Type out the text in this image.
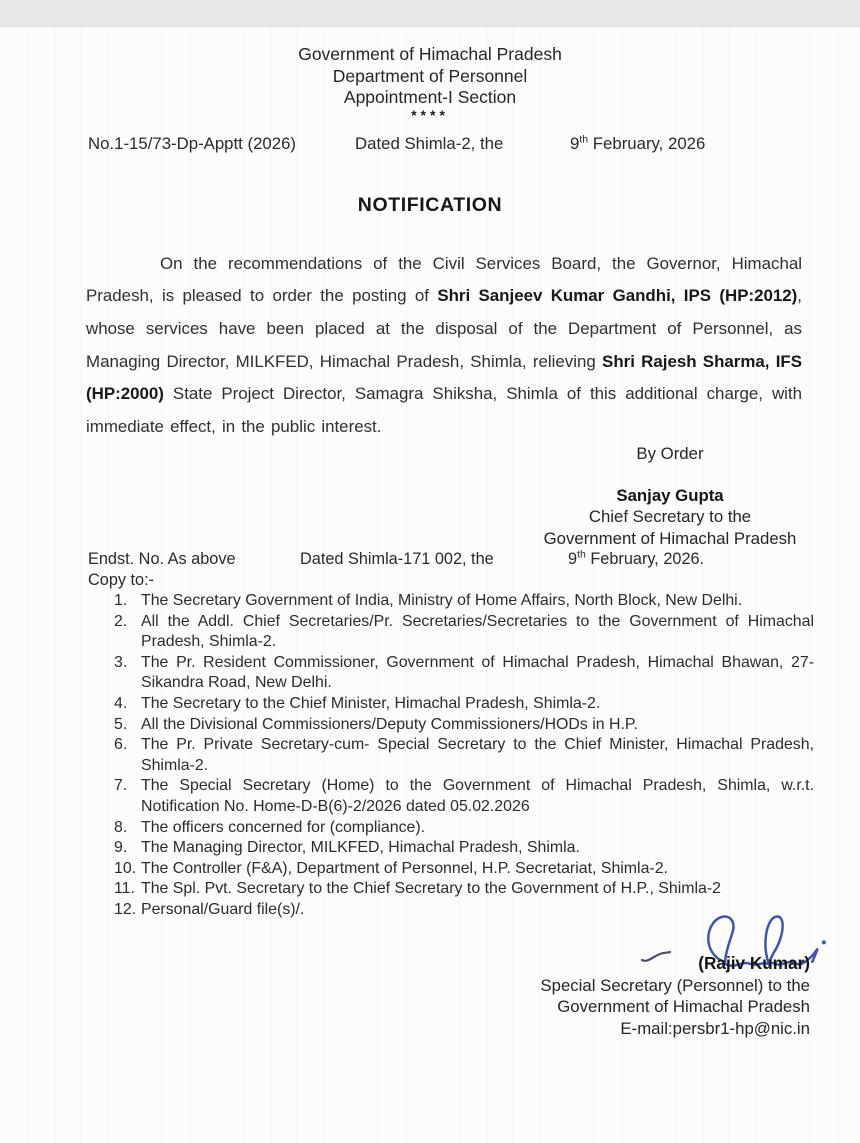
Government of Himachal Pradesh
Department of Personnel
Appointment-I Section
****
No.1-15/73-Dp-Apptt (2026)	Dated Shimla-2, the	9th February, 2026
NOTIFICATION

On the recommendations of the Civil Services Board, the Governor, Himachal Pradesh, is pleased to order the posting of Shri Sanjeev Kumar Gandhi, IPS (HP:2012), whose services have been placed at the disposal of the Department of Personnel, as Managing Director, MILKFED, Himachal Pradesh, Shimla, relieving Shri Rajesh Sharma, IFS (HP:2000) State Project Director, Samagra Shiksha, Shimla of this additional charge, with immediate effect, in the public interest.

By Order
Sanjay Gupta
Chief Secretary to the
Government of Himachal Pradesh
Endst. No. As above	Dated Shimla-171 002, the	9th February, 2026.
Copy to:-
The Secretary Government of India, Ministry of Home Affairs, North Block, New Delhi.
All the Addl. Chief Secretaries/Pr. Secretaries/Secretaries to the Government of Himachal Pradesh, Shimla-2.
The Pr. Resident Commissioner, Government of Himachal Pradesh, Himachal Bhawan, 27-Sikandra Road, New Delhi.
The Secretary to the Chief Minister, Himachal Pradesh, Shimla-2.
All the Divisional Commissioners/Deputy Commissioners/HODs in H.P.
The Pr. Private Secretary-cum- Special Secretary to the Chief Minister, Himachal Pradesh, Shimla-2.
The Special Secretary (Home) to the Government of Himachal Pradesh, Shimla, w.r.t. Notification No. Home-D-B(6)-2/2026 dated 05.02.2026
The officers concerned for (compliance).
The Managing Director, MILKFED, Himachal Pradesh, Shimla.
The Controller (F&A), Department of Personnel, H.P. Secretariat, Shimla-2.
The Spl. Pvt. Secretary to the Chief Secretary to the Government of H.P., Shimla-2
Personal/Guard file(s)/.
(Rajiv Kumar)
Special Secretary (Personnel) to the
Government of Himachal Pradesh
E-mail:persbr1-hp@nic.in
